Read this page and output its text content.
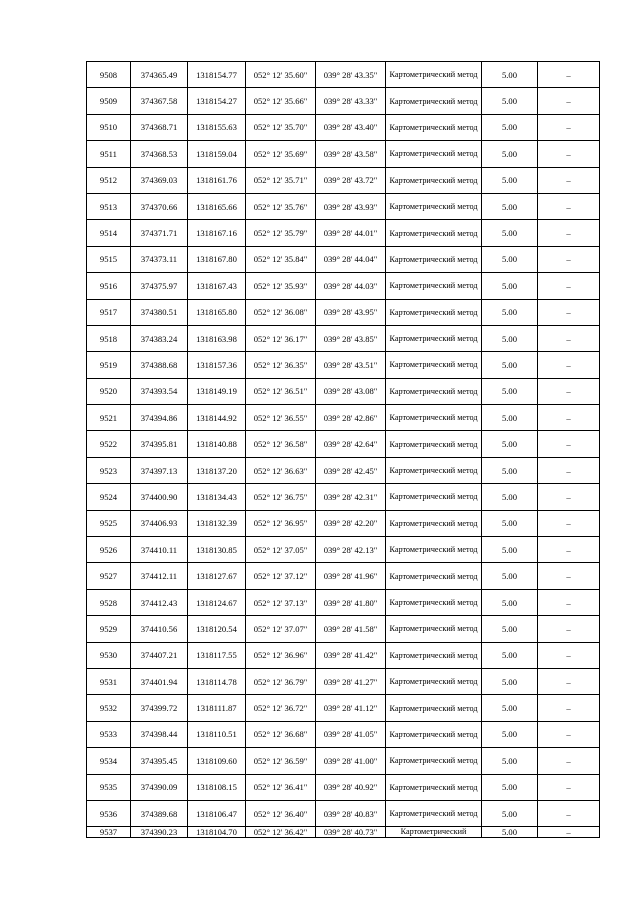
9508	374365.49	1318154.77	052° 12' 35.60"	039° 28' 43.35"	Картометрический метод	5.00	–
9509	374367.58	1318154.27	052° 12' 35.66"	039° 28' 43.33"	Картометрический метод	5.00	–
9510	374368.71	1318155.63	052° 12' 35.70"	039° 28' 43.40"	Картометрический метод	5.00	–
9511	374368.53	1318159.04	052° 12' 35.69"	039° 28' 43.58"	Картометрический метод	5.00	–
9512	374369.03	1318161.76	052° 12' 35.71"	039° 28' 43.72"	Картометрический метод	5.00	–
9513	374370.66	1318165.66	052° 12' 35.76"	039° 28' 43.93"	Картометрический метод	5.00	–
9514	374371.71	1318167.16	052° 12' 35.79"	039° 28' 44.01"	Картометрический метод	5.00	–
9515	374373.11	1318167.80	052° 12' 35.84"	039° 28' 44.04"	Картометрический метод	5.00	–
9516	374375.97	1318167.43	052° 12' 35.93"	039° 28' 44.03"	Картометрический метод	5.00	–
9517	374380.51	1318165.80	052° 12' 36.08"	039° 28' 43.95"	Картометрический метод	5.00	–
9518	374383.24	1318163.98	052° 12' 36.17"	039° 28' 43.85"	Картометрический метод	5.00	–
9519	374388.68	1318157.36	052° 12' 36.35"	039° 28' 43.51"	Картометрический метод	5.00	–
9520	374393.54	1318149.19	052° 12' 36.51"	039° 28' 43.08"	Картометрический метод	5.00	–
9521	374394.86	1318144.92	052° 12' 36.55"	039° 28' 42.86"	Картометрический метод	5.00	–
9522	374395.81	1318140.88	052° 12' 36.58"	039° 28' 42.64"	Картометрический метод	5.00	–
9523	374397.13	1318137.20	052° 12' 36.63"	039° 28' 42.45"	Картометрический метод	5.00	–
9524	374400.90	1318134.43	052° 12' 36.75"	039° 28' 42.31"	Картометрический метод	5.00	–
9525	374406.93	1318132.39	052° 12' 36.95"	039° 28' 42.20"	Картометрический метод	5.00	–
9526	374410.11	1318130.85	052° 12' 37.05"	039° 28' 42.13"	Картометрический метод	5.00	–
9527	374412.11	1318127.67	052° 12' 37.12"	039° 28' 41.96"	Картометрический метод	5.00	–
9528	374412.43	1318124.67	052° 12' 37.13"	039° 28' 41.80"	Картометрический метод	5.00	–
9529	374410.56	1318120.54	052° 12' 37.07"	039° 28' 41.58"	Картометрический метод	5.00	–
9530	374407.21	1318117.55	052° 12' 36.96"	039° 28' 41.42"	Картометрический метод	5.00	–
9531	374401.94	1318114.78	052° 12' 36.79"	039° 28' 41.27"	Картометрический метод	5.00	–
9532	374399.72	1318111.87	052° 12' 36.72"	039° 28' 41.12"	Картометрический метод	5.00	–
9533	374398.44	1318110.51	052° 12' 36.68"	039° 28' 41.05"	Картометрический метод	5.00	–
9534	374395.45	1318109.60	052° 12' 36.59"	039° 28' 41.00"	Картометрический метод	5.00	–
9535	374390.09	1318108.15	052° 12' 36.41"	039° 28' 40.92"	Картометрический метод	5.00	–
9536	374389.68	1318106.47	052° 12' 36.40"	039° 28' 40.83"	Картометрический метод	5.00	–
9537	374390.23	1318104.70	052° 12' 36.42"	039° 28' 40.73"	Картометрический	5.00	–
